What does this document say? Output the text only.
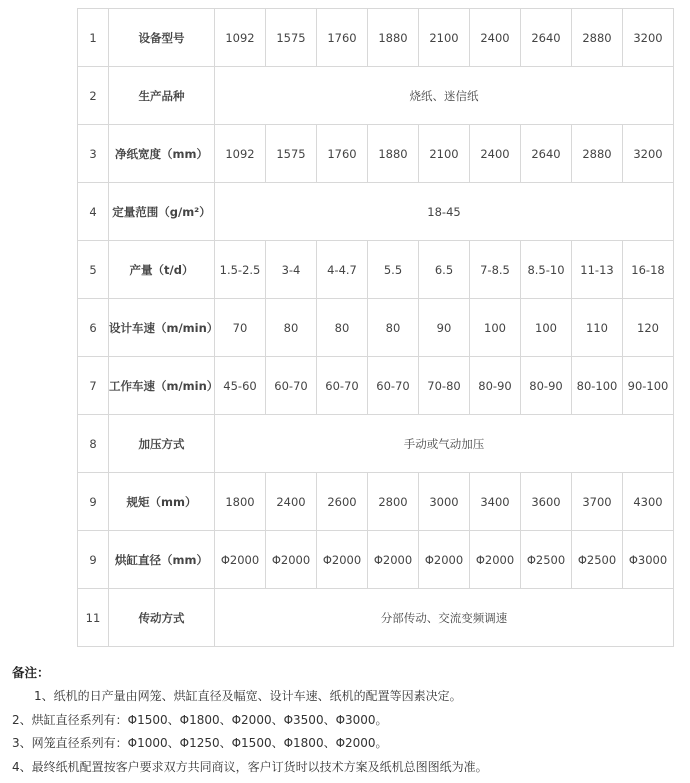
1	设备型号	1092	1575	1760	1880	2100	2400	2640	2880	3200
2	生产品种	烧纸、迷信纸								
3	净纸宽度（mm）	1092	1575	1760	1880	2100	2400	2640	2880	3200
4	定量范围（g/m²）	18-45								
5	产量（t/d）	1.5-2.5	3-4	4-4.7	5.5	6.5	7-8.5	8.5-10	11-13	16-18
6	设计车速（m/min）	70	80	80	80	90	100	100	110	120
7	工作车速（m/min）	45-60	60-70	60-70	60-70	70-80	80-90	80-90	80-100	90-100
8	加压方式	手动或气动加压								
9	规矩（mm）	1800	2400	2600	2800	3000	3400	3600	3700	4300
9	烘缸直径（mm）	Φ2000	Φ2000	Φ2000	Φ2000	Φ2000	Φ2000	Φ2500	Φ2500	Φ3000
11	传动方式	分部传动、交流变频调速								
备注：
1、纸机的日产量由网笼、烘缸直径及幅宽、设计车速、纸机的配置等因素决定。
2、烘缸直径系列有：Φ1500、Φ1800、Φ2000、Φ3500、Φ3000。
3、网笼直径系列有：Φ1000、Φ1250、Φ1500、Φ1800、Φ2000。
4、最终纸机配置按客户要求双方共同商议，客户订货时以技术方案及纸机总图图纸为准。
